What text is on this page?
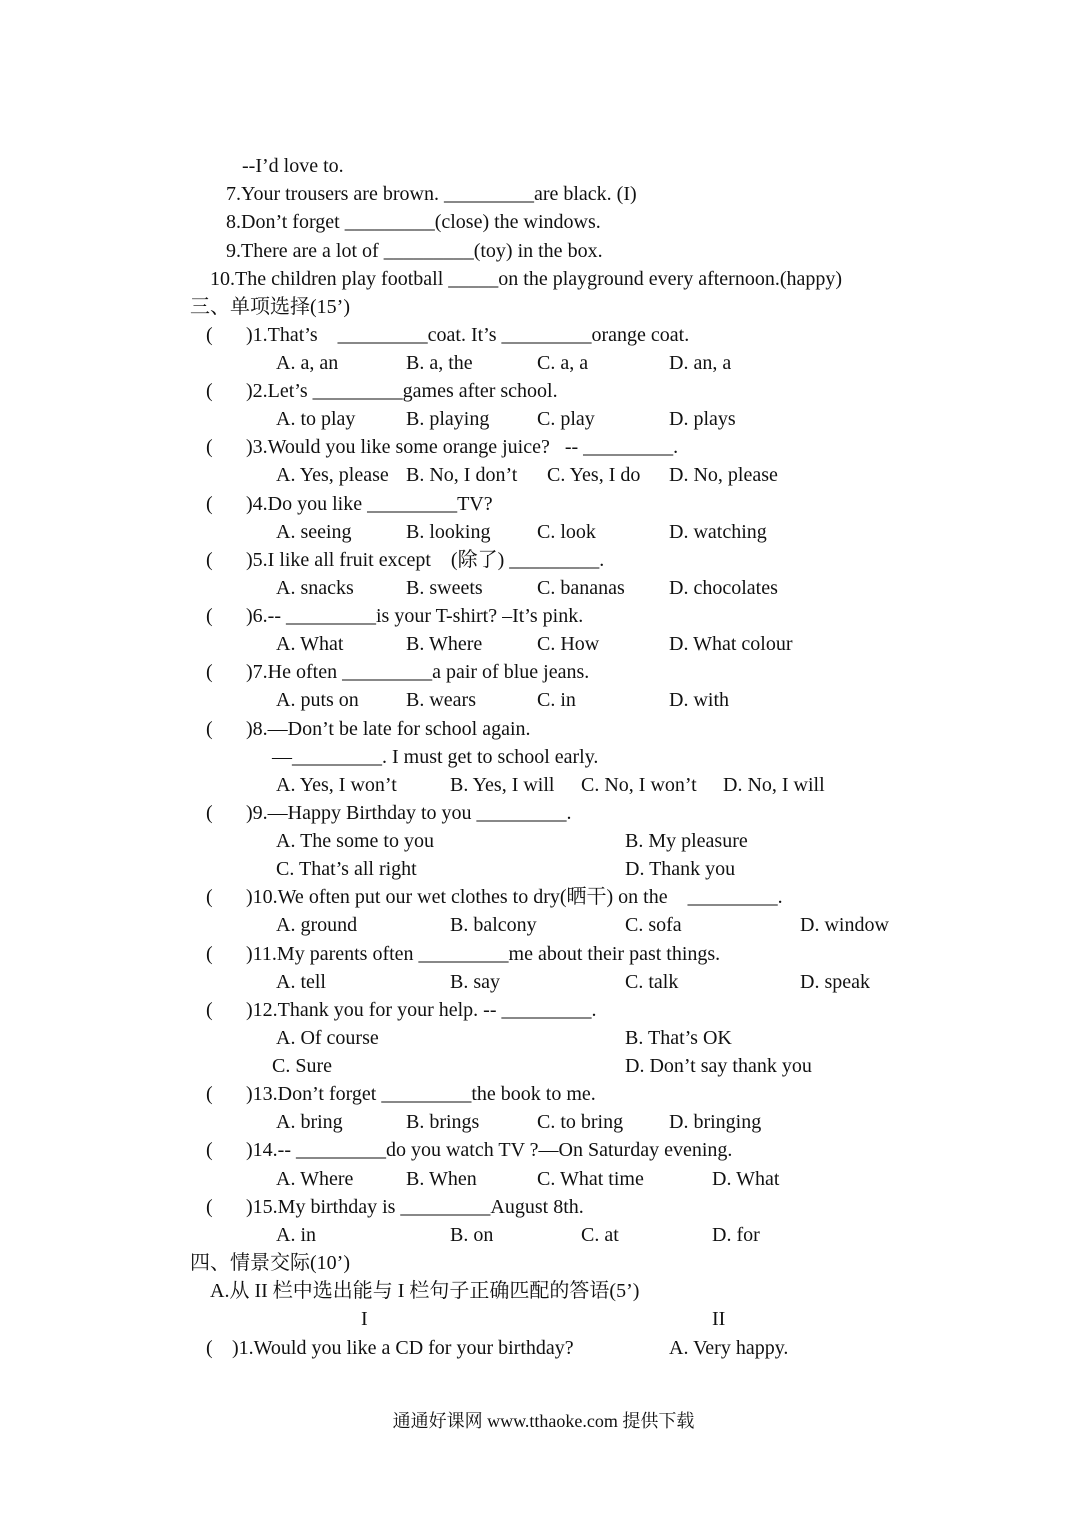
--I’d love to.
7.Your trousers are brown. _________are black. (I)
8.Don’t forget _________(close) the windows.
9.There are a lot of _________(toy) in the box.
10.The children play football _____on the playground every afternoon.(happy)
三、单项选择(15’)
( )1.That’s    _________coat. It’s _________orange coat.
A. a, an	B. a, the	C. a, a	D. an, a
( )2.Let’s _________games after school.
A. to play	B. playing C. play	D. plays
( )3.Would you like some orange juice?   -- _________.
A. Yes, please B. No, I don’t C. Yes, I do D. No, please
( )4.Do you like _________TV?
A. seeing	B. looking C. look	D. watching
( )5.I like all fruit except    (除了) _________.
A. snacks	B. sweets	C. bananas D. chocolates
( )6.-- _________is your T-shirt? –It’s pink.
A. What	B. Where	C. How	D. What colour
( )7.He often _________a pair of blue jeans.
A. puts on B. wears	C. in	D. with
( )8.—Don’t be late for school again.
—_________. I must get to school early.
A. Yes, I won’t	B. Yes, I will C. No, I won’t D. No, I will
( )9.—Happy Birthday to you _________.
A. The some to you	B. My pleasure
C. That’s all right	D. Thank you
( )10.We often put our wet clothes to dry(晒干) on the    _________.
A. ground	B. balcony	C. sofa	D. window
( )11.My parents often _________me about their past things.
A. tell	B. say	C. talk	D. speak
( )12.Thank you for your help. -- _________.
A. Of course	B. That’s OK
C. Sure	D. Don’t say thank you
( )13.Don’t forget _________the book to me.
A. bring	B. brings	C. to bring D. bringing
( )14.-- _________do you watch TV ?—On Saturday evening.
A. Where	B. When	C. What time	D. What
( )15.My birthday is _________August 8th.
A. in	B. on	C. at	D. for
四、情景交际(10’)
A.从 II 栏中选出能与 I 栏句子正确匹配的答语(5’)
I	II
( )1.Would you like a CD for your birthday?	A. Very happy.
通通好课网 www.tthaoke.com 提供下载
